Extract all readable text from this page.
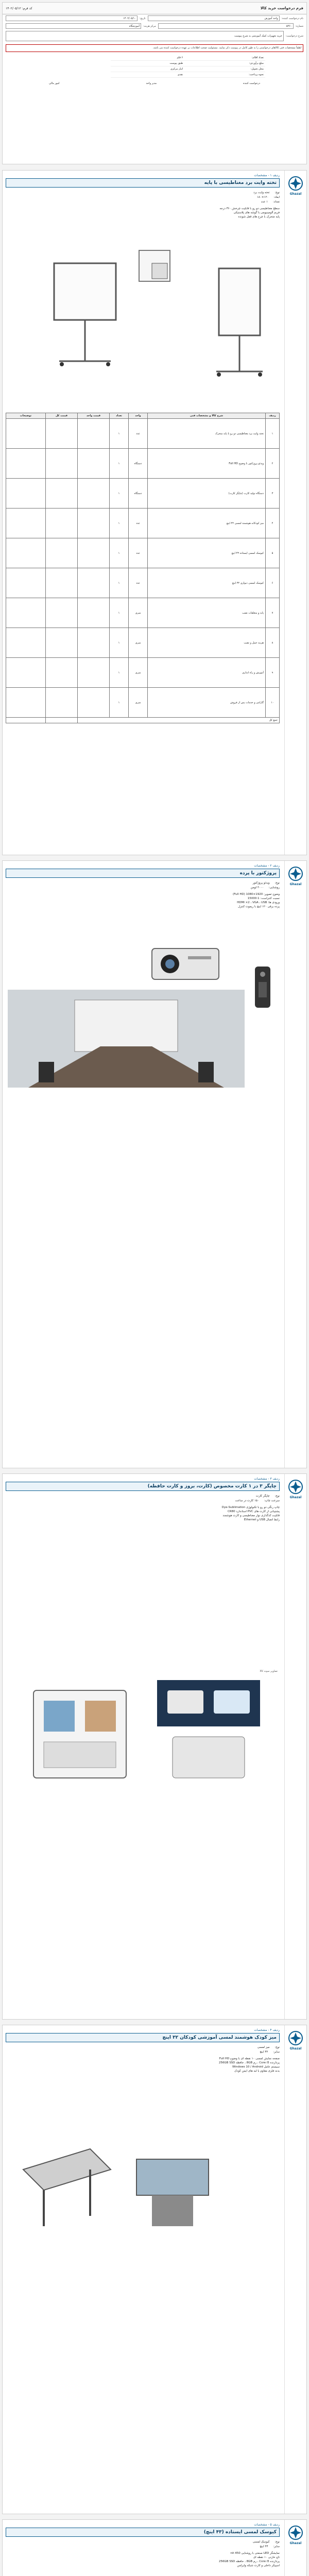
فرم درخواست خرید کالا
کد فرم: ۱۴۰۲/۰۵/۱۲
نام درخواست کننده:
واحد آموزش
تاریخ:
۱۴۰۲/۰۵/۱۰
شماره:
۵۴۶۰
مرکز هزینه:
آموزشگاه
شرح درخواست:
خرید تجهیزات کمک آموزشی به شرح پیوست
لطفاً مشخصات فنی کالاهای درخواستی را به طور کامل در پیوست ذکر نمایید. مسئولیت صحت اطلاعات بر عهده درخواست کننده می باشد.
تعداد اقلام:	۶ قلم
مبلغ برآوردی:	طبق پیوست
محل تحویل:	انبار مرکزی
نحوه پرداخت:	نقدی
درخواست کننده
مدیر واحد
امور مالی
Ghazal
ردیف ۱ - مشخصات
تخته وایت برد مغناطیسی با پایه
نوع:
تخته وایت برد
ابعاد:
۱۲۰×۱۸۰
تعداد:
۱ عدد
سطح مغناطیسی دو رو با قابلیت چرخش ۳۶۰ درجه
فریم آلومینیومی با گوشه های پلاستیکی
پایه متحرک با چرخ های قفل شونده
ردیف	شرح کالا و مشخصات فنی	واحد	تعداد	قیمت واحد	قیمت کل	توضیحات
۱	تخته وایت برد مغناطیسی دو رو با پایه متحرک	عدد	۱			
۲	ویدئو پروژکتور با وضوح Full HD	دستگاه	۱			
۳	دستگاه تولید کارت (چاپگر کارت)	دستگاه	۱			
۴	میز کودکانه هوشمند لمسی ۳۲ اینچ	عدد	۱			
۵	کیوسک لمسی ایستاده ۴۳ اینچ	عدد	۱			
۶	کیوسک لمسی دیواری ۳۲ اینچ	عدد	۱			
۷	پایه و متعلقات نصب	سری	۱			
۸	هزینه حمل و نصب	سری	۱			
۹	آموزش و راه اندازی	سری	۱			
۱۰	گارانتی و خدمات پس از فروش	سری	۱			
جمع کل						
Ghazal
ردیف ۲ - مشخصات
پروژکتور با پرده
نوع:
ویدئو پروژکتور
روشنایی:
۴۰۰۰ لومن
وضوح تصویر: 1920×1080 (Full HD)
نسبت کنتراست: 15000:1
ورودی ها: HDMI ×2 ، VGA ، USB
پرده برقی ۱۲۰ اینچ با ریموت کنترل
Ghazal
ردیف ۳ - مشخصات
چاپگر ۳ در ۱ کارت مخصوص (کارت، بروز و کارت حافظه)
نوع:
چاپگر کارت
سرعت چاپ:
۱۵۰ کارت در ساعت
چاپ رنگی دو رو با تکنولوژی Dye-Sublimation
پشتیبانی از کارت های PVC استاندارد CR80
قابلیت کدگذاری نوار مغناطیسی و کارت هوشمند
رابط اتصال USB و Ethernet
تصاویر نمونه کالا
Ghazal
ردیف ۴ - مشخصات
میز کودک هوشمند لمسی آموزشی کودکان ۳۲ اینچ
نوع:
میز لمسی
سایز:
۳۲ اینچ
صفحه نمایش لمسی ۱۰ نقطه ای با وضوح Full HD
پردازنده Core i5 ، رم 8GB ، حافظه 256GB SSD
سیستم عامل Windows 10 / Android
بدنه فلزی مقاوم با لبه های ایمن کودک
Ghazal
ردیف ۵ - مشخصات
کیوسک لمسی ایستاده (۴۳ اینچ)
نوع:
کیوسک لمسی
سایز:
۴۳ اینچ
نمایشگر LED صنعتی با روشنایی 450 nit
تاچ خازنی ۱۰ نقطه ای
پردازنده Core i5 ، رم 8GB ، حافظه 256GB SSD
اسپیکر داخلی و کارت شبکه وایرلس
